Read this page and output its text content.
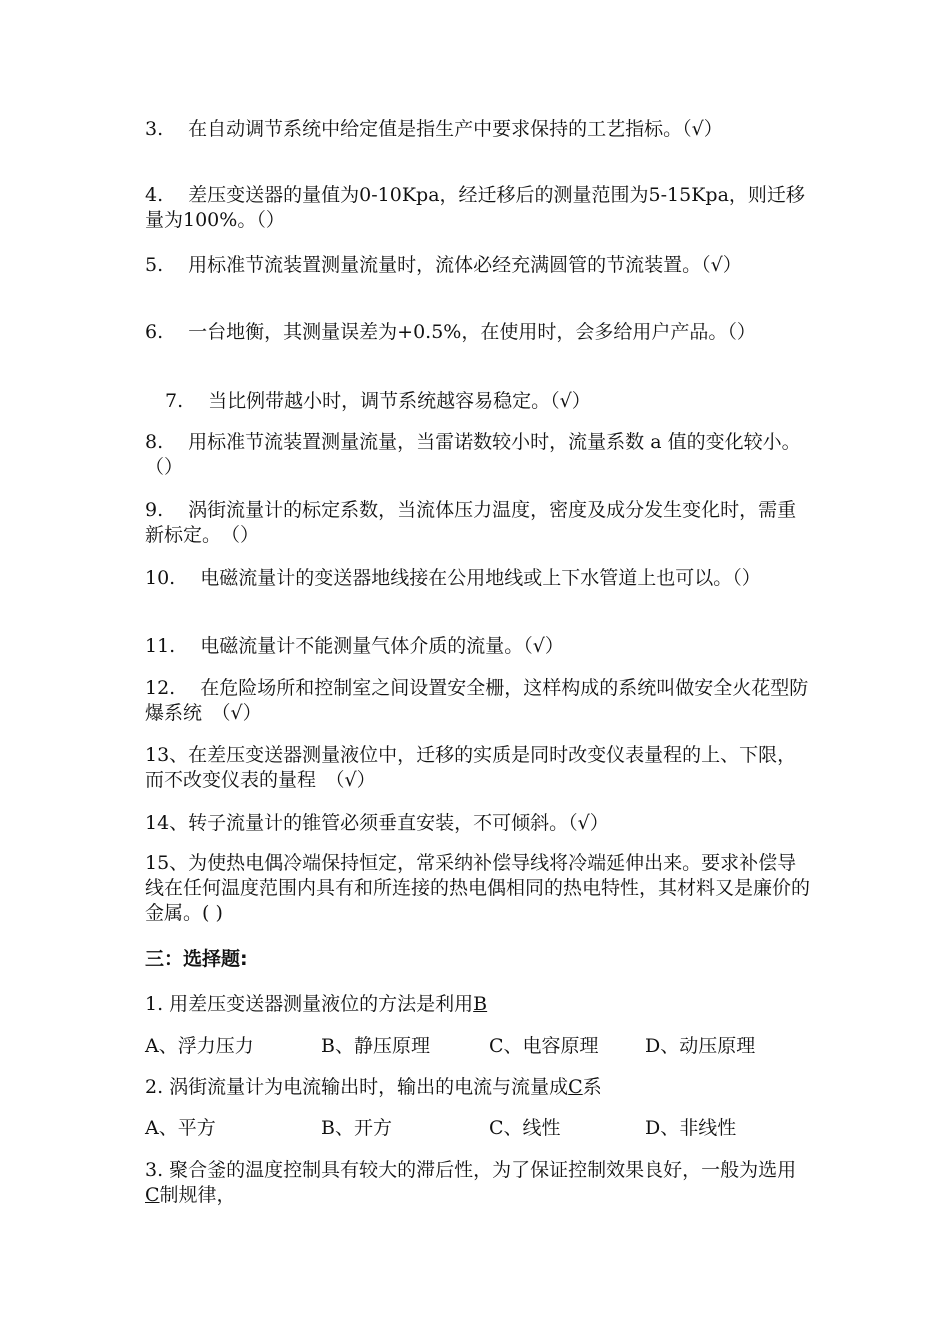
3.　 在自动调节系统中给定值是指生产中要求保持的工艺指标。（√）
4.　 差压变送器的量值为0-10Kpa，经迁移后的测量范围为5-15Kpa，则迁移量为100%。（）
5.　 用标准节流装置测量流量时，流体必经充满圆管的节流装置。（√）
6.　 一台地衡，其测量误差为+0.5%，在使用时，会多给用户产品。（）
7.　 当比例带越小时，调节系统越容易稳定。（√）
8.　 用标准节流装置测量流量，当雷诺数较小时，流量系数 a 值的变化较小。（）
9.　 涡街流量计的标定系数，当流体压力温度，密度及成分发生变化时，需重新标定。　（）
10.　 电磁流量计的变送器地线接在公用地线或上下水管道上也可以。（）
11.　 电磁流量计不能测量气体介质的流量。（√）
12.　 在危险场所和控制室之间设置安全栅，这样构成的系统叫做安全火花型防爆系统　（√）
13、在差压变送器测量液位中，迁移的实质是同时改变仪表量程的上、下限，而不改变仪表的量程　（√）
14、转子流量计的锥管必须垂直安装，不可倾斜。（√）
15、为使热电偶冷端保持恒定，常采纳补偿导线将冷端延伸出来。要求补偿导线在任何温度范围内具有和所连接的热电偶相同的热电特性，其材料又是廉价的金属。( )
三：选择题:
1. 用差压变送器测量液位的方法是利用B
A、浮力压力	B、静压原理	C、电容原理 D、动压原理
2. 涡街流量计为电流输出时，输出的电流与流量成C系
A、平方	B、开方	C、线性	D、非线性
3. 聚合釜的温度控制具有较大的滞后性，为了保证控制效果良好，一般为选用C制规律，
